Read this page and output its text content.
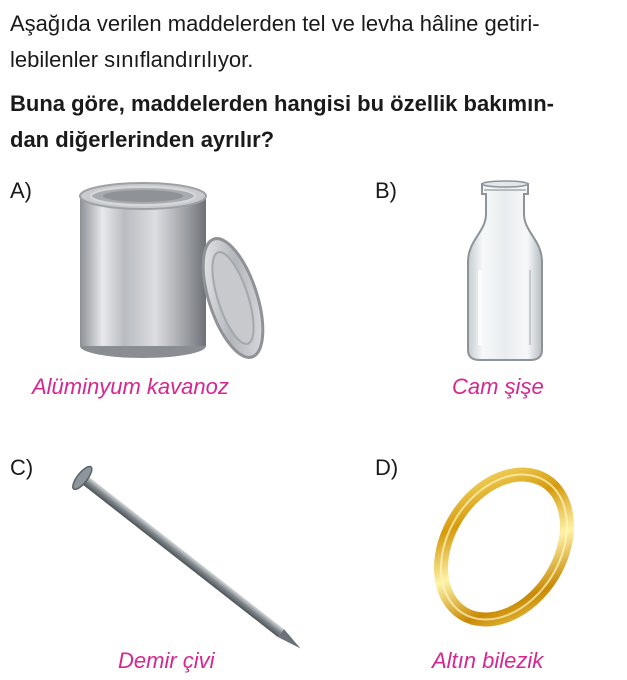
Aşağıda verilen maddelerden tel ve levha hâline getiri-
lebilenler sınıflandırılıyor.
Buna göre, maddelerden hangisi bu özellik bakımın-
dan diğerlerinden ayrılır?
A)
Alüminyum kavanoz
B)
Cam şişe
C)
Demir çivi
D)
Altın bilezik
